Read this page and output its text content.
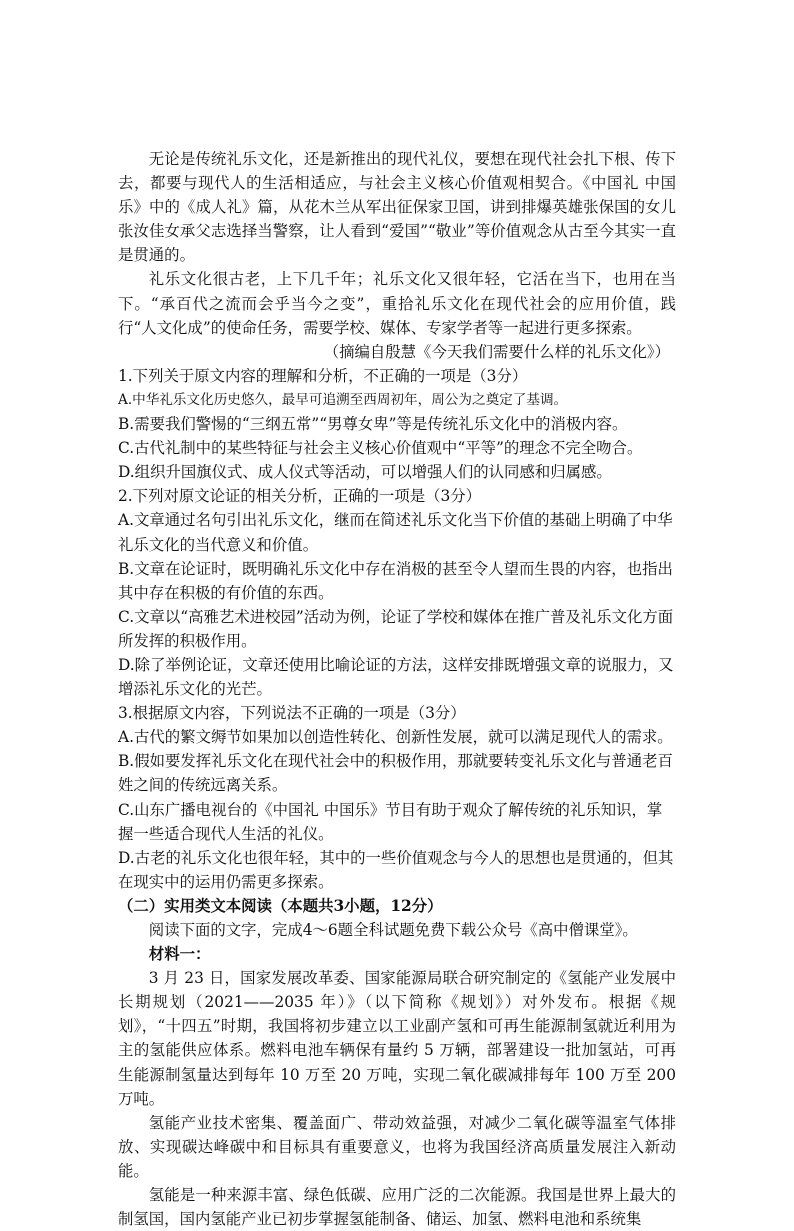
无论是传统礼乐文化，还是新推出的现代礼仪，要想在现代社会扎下根、传下去，都要与现代人的生活相适应，与社会主义核心价值观相契合。《中国礼 中国乐》中的《成人礼》篇，从花木兰从军出征保家卫国，讲到排爆英雄张保国的女儿张汝佳女承父志选择当警察，让人看到“爱国”“敬业”等价值观念从古至今其实一直是贯通的。

礼乐文化很古老，上下几千年；礼乐文化又很年轻，它活在当下，也用在当下。“承百代之流而会乎当今之变”，重拾礼乐文化在现代社会的应用价值，践行“人文化成”的使命任务，需要学校、媒体、专家学者等一起进行更多探索。

（摘编自殷慧《今天我们需要什么样的礼乐文化》）

1.下列关于原文内容的理解和分析，不正确的一项是（3分）

A.中华礼乐文化历史悠久，最早可追溯至西周初年，周公为之奠定了基调。

B.需要我们警惕的“三纲五常”“男尊女卑”等是传统礼乐文化中的消极内容。

C.古代礼制中的某些特征与社会主义核心价值观中“平等”的理念不完全吻合。

D.组织升国旗仪式、成人仪式等活动，可以增强人们的认同感和归属感。

2.下列对原文论证的相关分析，正确的一项是（3分）

A.文章通过名句引出礼乐文化，继而在简述礼乐文化当下价值的基础上明确了中华礼乐文化的当代意义和价值。

B.文章在论证时，既明确礼乐文化中存在消极的甚至令人望而生畏的内容，也指出其中存在积极的有价值的东西。

C.文章以“高雅艺术进校园”活动为例，论证了学校和媒体在推广普及礼乐文化方面所发挥的积极作用。

D.除了举例论证，文章还使用比喻论证的方法，这样安排既增强文章的说服力，又增添礼乐文化的光芒。

3.根据原文内容，下列说法不正确的一项是（3分）

A.古代的繁文缛节如果加以创造性转化、创新性发展，就可以满足现代人的需求。

B.假如要发挥礼乐文化在现代社会中的积极作用，那就要转变礼乐文化与普通老百姓之间的传统远离关系。

C.山东广播电视台的《中国礼 中国乐》节目有助于观众了解传统的礼乐知识，掌握一些适合现代人生活的礼仪。

D.古老的礼乐文化也很年轻，其中的一些价值观念与今人的思想也是贯通的，但其在现实中的运用仍需更多探索。

（二）实用类文本阅读（本题共3小题，12分）

阅读下面的文字，完成4～6题全科试题免费下载公众号《高中僧课堂》。

材料一：

3 月 23 日，国家发展改革委、国家能源局联合研究制定的《氢能产业发展中长期规划（2021——2035 年）》（以下简称《规划》）对外发布。根据《规划》，“十四五”时期，我国将初步建立以工业副产氢和可再生能源制氢就近利用为主的氢能供应体系。燃料电池车辆保有量约 5 万辆，部署建设一批加氢站，可再生能源制氢量达到每年 10 万至 20 万吨，实现二氧化碳减排每年 100 万至 200 万吨。

氢能产业技术密集、覆盖面广、带动效益强，对减少二氧化碳等温室气体排放、实现碳达峰碳中和目标具有重要意义，也将为我国经济高质量发展注入新动能。

氢能是一种来源丰富、绿色低碳、应用广泛的二次能源。我国是世界上最大的制氢国，国内氢能产业已初步掌握氢能制备、储运、加氢、燃料电池和系统集
